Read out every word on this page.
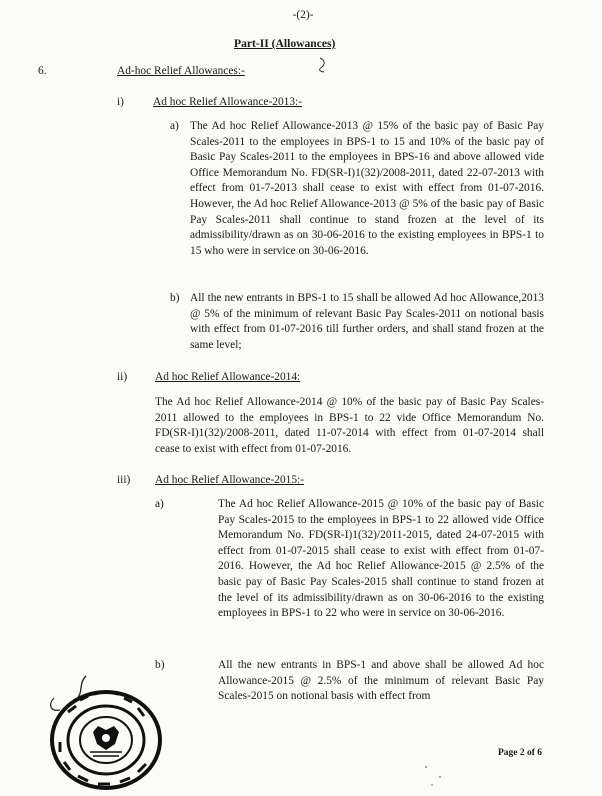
-(2)-
Part-II (Allowances)
6.	Ad-hoc Relief Allowances:-
i)	Ad hoc Relief Allowance-2013:-
a) The Ad hoc Relief Allowance-2013 @ 15% of the basic pay of Basic Pay Scales-2011 to the employees in BPS-1 to 15 and 10% of the basic pay of Basic Pay Scales-2011 to the employees in BPS-16 and above allowed vide Office Memorandum No. FD(SR-I)1(32)/2008-2011, dated 22-07-2013 with effect from 01-7-2013 shall cease to exist with effect from 01-07-2016. However, the Ad hoc Relief Allowance-2013 @ 5% of the basic pay of Basic Pay Scales-2011 shall continue to stand frozen at the level of its admissibility/drawn as on 30-06-2016 to the existing employees in BPS-1 to 15 who were in service on 30-06-2016.
b) All the new entrants in BPS-1 to 15 shall be allowed Ad hoc Allowance,2013 @ 5% of the minimum of relevant Basic Pay Scales-2011 on notional basis with effect from 01-07-2016 till further orders, and shall stand frozen at the same level;
ii) Ad hoc Relief Allowance-2014:
The Ad hoc Relief Allowance-2014 @ 10% of the basic pay of Basic Pay Scales-2011 allowed to the employees in BPS-1 to 22 vide Office Memorandum No. FD(SR-I)1(32)/2008-2011, dated 11-07-2014 with effect from 01-07-2014 shall cease to exist with effect from 01-07-2016.
iii) Ad hoc Relief Allowance-2015:-
a)	The Ad hoc Relief Allowance-2015 @ 10% of the basic pay of Basic Pay Scales-2015 to the employees in BPS-1 to 22 allowed vide Office Memorandum No. FD(SR-I)1(32)/2011-2015, dated 24-07-2015 with effect from 01-07-2015 shall cease to exist with effect from 01-07-2016. However, the Ad hoc Relief Allowance-2015 @ 2.5% of the basic pay of Basic Pay Scales-2015 shall continue to stand frozen at the level of its admissibility/drawn as on 30-06-2016 to the existing employees in BPS-1 to 22 who were in service on 30-06-2016.
b)	All the new entrants in BPS-1 and above shall be allowed Ad hoc Allowance-2015 @ 2.5% of the minimum of relevant Basic Pay Scales-2015 on notional basis with effect from
Page 2 of 6
